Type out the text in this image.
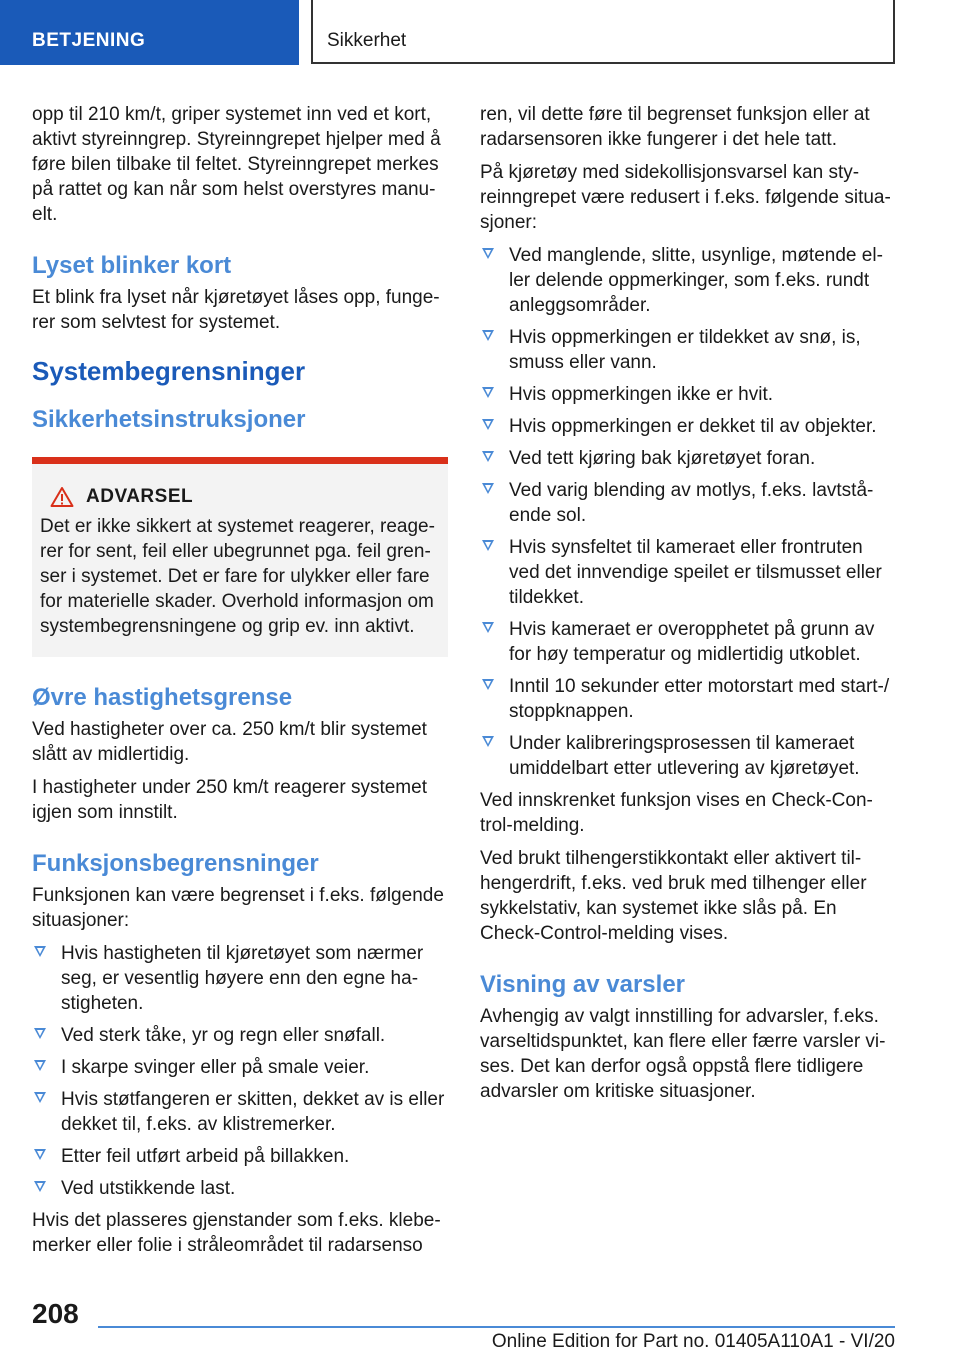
BETJENING	Sikkerhet

opp til 210 km/t, griper systemet inn ved et kort, aktivt styreinngrep. Styreinngrepet hjelper med å føre bilen tilbake til feltet. Styreinngrepet merkes på rattet og kan når som helst overstyres manuelt.

Lyset blinker kort

Et blink fra lyset når kjøretøyet låses opp, fungerer som selvtest for systemet.

Systembegrensninger
Sikkerhetsinstruksjoner
ADVARSEL

Det er ikke sikkert at systemet reagerer, reagerer for sent, feil eller ubegrunnet pga. feil grenser i systemet. Det er fare for ulykker eller fare for materielle skader. Overhold informasjon om systembegrensningene og grip ev. inn aktivt.

Øvre hastighetsgrense

Ved hastigheter over ca. 250 km/t blir systemet slått av midlertidig.

I hastigheter under 250 km/t reagerer systemet igjen som innstilt.

Funksjonsbegrensninger

Funksjonen kan være begrenset i f.eks. følgende situasjoner:

Hvis hastigheten til kjøretøyet som nærmer seg, er vesentlig høyere enn den egne hastigheten.
Ved sterk tåke, yr og regn eller snøfall.
I skarpe svinger eller på smale veier.
Hvis støtfangeren er skitten, dekket av is eller dekket til, f.eks. av klistremerker.
Etter feil utført arbeid på billakken.
Ved utstikkende last.

Hvis det plasseres gjenstander som f.eks. klebemerker eller folie i stråleområdet til radarsenso

ren, vil dette føre til begrenset funksjon eller at radarsensoren ikke fungerer i det hele tatt.

På kjøretøy med sidekollisjonsvarsel kan styreinngrepet være redusert i f.eks. følgende situasjoner:

Ved manglende, slitte, usynlige, møtende eller delende oppmerkinger, som f.eks. rundt anleggsområder.
Hvis oppmerkingen er tildekket av snø, is, smuss eller vann.
Hvis oppmerkingen ikke er hvit.
Hvis oppmerkingen er dekket til av objekter.
Ved tett kjøring bak kjøretøyet foran.
Ved varig blending av motlys, f.eks. lavtstående sol.
Hvis synsfeltet til kameraet eller frontruten ved det innvendige speilet er tilsmusset eller tildekket.
Hvis kameraet er overopphetet på grunn av for høy temperatur og midlertidig utkoblet.
Inntil 10 sekunder etter motorstart med start-/ stoppknappen.
Under kalibreringsprosessen til kameraet umiddelbart etter utlevering av kjøretøyet.

Ved innskrenket funksjon vises en Check-Control-melding.

Ved brukt tilhengerstikkontakt eller aktivert tilhengerdrift, f.eks. ved bruk med tilhenger eller sykkelstativ, kan systemet ikke slås på. En Check-Control-melding vises.

Visning av varsler

Avhengig av valgt innstilling for advarsler, f.eks. varseltidspunktet, kan flere eller færre varsler vises. Det kan derfor også oppstå flere tidligere advarsler om kritiske situasjoner.

208
Online Edition for Part no. 01405A110A1 - VI/20
